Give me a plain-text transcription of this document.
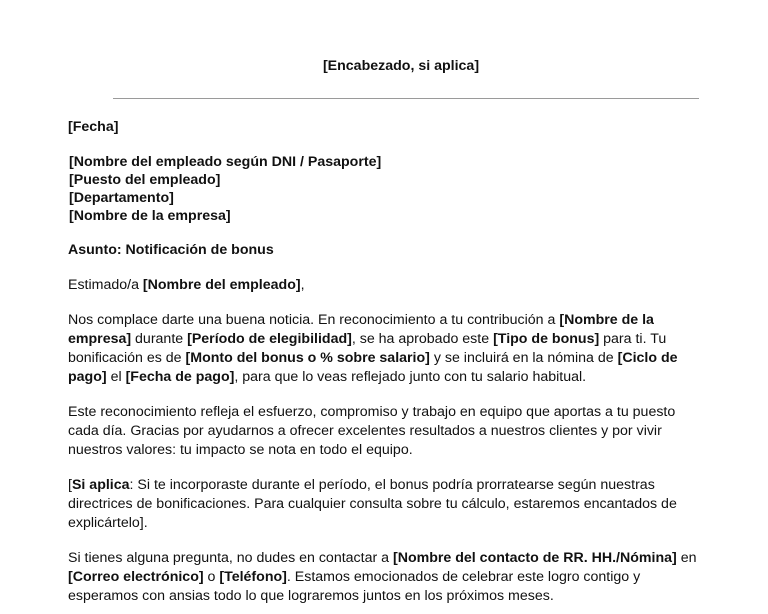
[Encabezado, si aplica]

[Fecha]

[Nombre del empleado según DNI / Pasaporte]
[Puesto del empleado]
[Departamento]
[Nombre de la empresa]

Asunto: Notificación de bonus

Estimado/a [Nombre del empleado],

Nos complace darte una buena noticia. En reconocimiento a tu contribución a [Nombre de la empresa] durante [Período de elegibilidad], se ha aprobado este [Tipo de bonus] para ti. Tu bonificación es de [Monto del bonus o % sobre salario] y se incluirá en la nómina de [Ciclo de pago] el [Fecha de pago], para que lo veas reflejado junto con tu salario habitual.

Este reconocimiento refleja el esfuerzo, compromiso y trabajo en equipo que aportas a tu puesto cada día. Gracias por ayudarnos a ofrecer excelentes resultados a nuestros clientes y por vivir nuestros valores: tu impacto se nota en todo el equipo.

[Si aplica: Si te incorporaste durante el período, el bonus podría prorratearse según nuestras directrices de bonificaciones. Para cualquier consulta sobre tu cálculo, estaremos encantados de explicártelo].

Si tienes alguna pregunta, no dudes en contactar a [Nombre del contacto de RR. HH./Nómina] en [Correo electrónico] o [Teléfono]. Estamos emocionados de celebrar este logro contigo y esperamos con ansias todo lo que lograremos juntos en los próximos meses.
